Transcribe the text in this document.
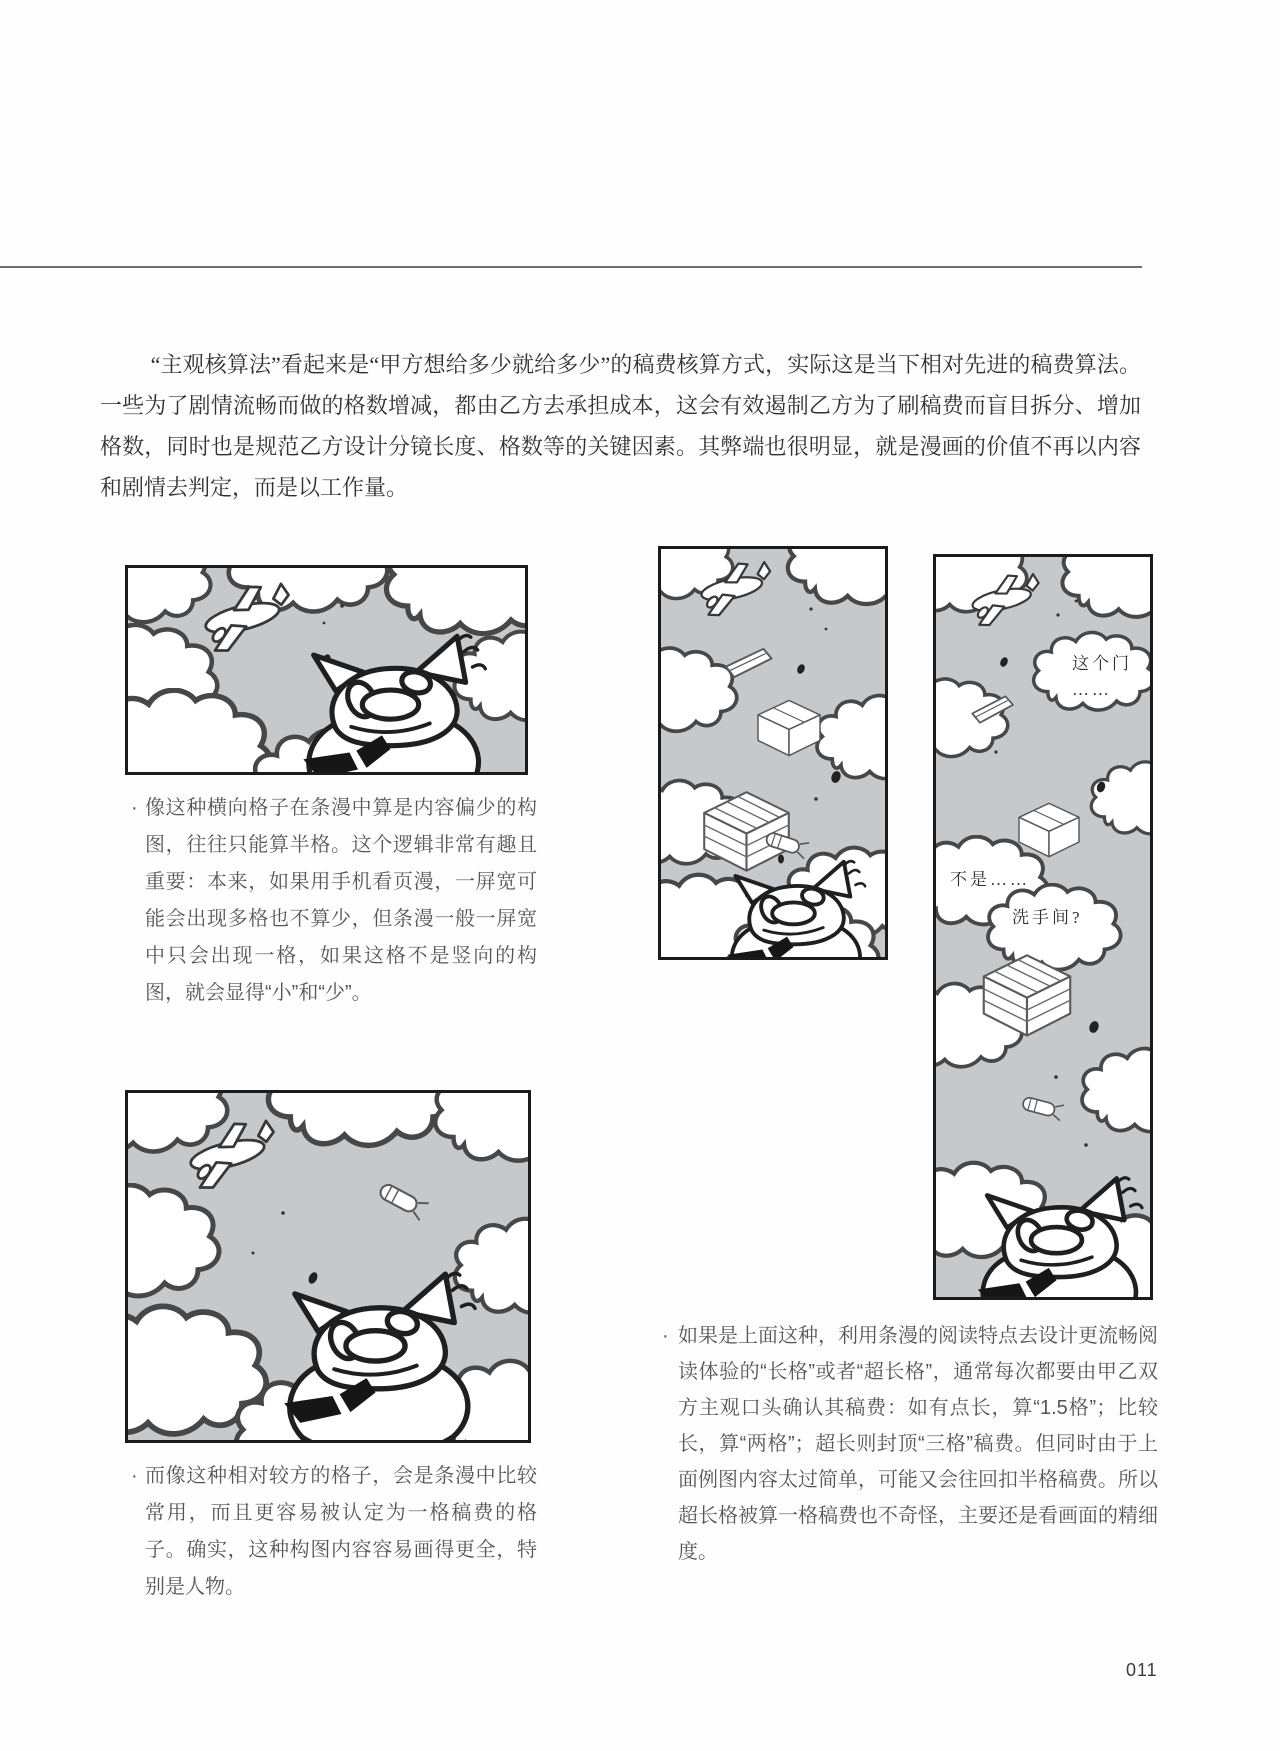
“主观核算法”看起来是“甲方想给多少就给多少”的稿费核算方式，实际这是当下相对先进的稿费算法。一些为了剧情流畅而做的格数增减，都由乙方去承担成本，这会有效遏制乙方为了刷稿费而盲目拆分、增加格数，同时也是规范乙方设计分镜长度、格数等的关键因素。其弊端也很明显，就是漫画的价值不再以内容和剧情去判定，而是以工作量。

· 像这种横向格子在条漫中算是内容偏少的构图，往往只能算半格。这个逻辑非常有趣且重要：本来，如果用手机看页漫，一屏宽可能会出现多格也不算少，但条漫一般一屏宽中只会出现一格，如果这格不是竖向的构图，就会显得“小”和“少”。
· 而像这种相对较方的格子，会是条漫中比较常用，而且更容易被认定为一格稿费的格子。确实，这种构图内容容易画得更全，特别是人物。
这个门
……
不是……
洗手间?
· 如果是上面这种，利用条漫的阅读特点去设计更流畅阅读体验的“长格”或者“超长格”，通常每次都要由甲乙双方主观口头确认其稿费：如有点长，算“1.5格”；比较长，算“两格”；超长则封顶“三格”稿费。但同时由于上面例图内容太过简单，可能又会往回扣半格稿费。所以超长格被算一格稿费也不奇怪，主要还是看画面的精细度。
011
